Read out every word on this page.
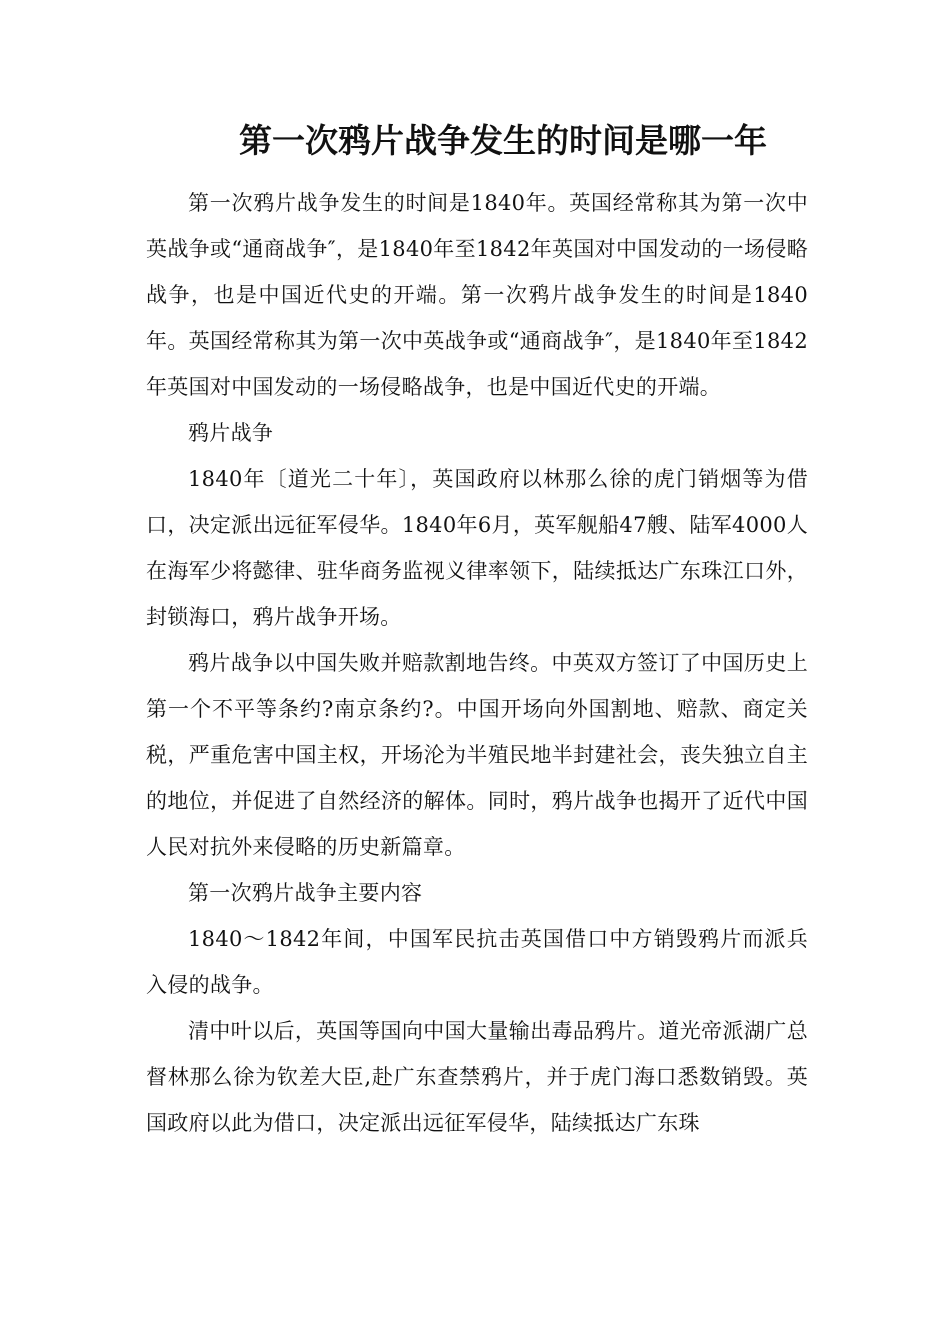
第一次鸦片战争发生的时间是哪一年

第一次鸦片战争发生的时间是1840年。英国经常称其为第一次中英战争或“通商战争″，是1840年至1842年英国对中国发动的一场侵略战争，也是中国近代史的开端。第一次鸦片战争发生的时间是1840年。英国经常称其为第一次中英战争或“通商战争″，是1840年至1842年英国对中国发动的一场侵略战争，也是中国近代史的开端。

鸦片战争

1840年〔道光二十年〕，英国政府以林那么徐的虎门销烟等为借口，决定派出远征军侵华。1840年6月，英军舰船47艘、陆军4000人在海军少将懿律、驻华商务监视义律率领下，陆续抵达广东珠江口外，封锁海口，鸦片战争开场。

鸦片战争以中国失败并赔款割地告终。中英双方签订了中国历史上第一个不平等条约?南京条约?。中国开场向外国割地、赔款、商定关税，严重危害中国主权，开场沦为半殖民地半封建社会，丧失独立自主的地位，并促进了自然经济的解体。同时，鸦片战争也揭开了近代中国人民对抗外来侵略的历史新篇章。

第一次鸦片战争主要内容

1840～1842年间，中国军民抗击英国借口中方销毁鸦片而派兵入侵的战争。

清中叶以后，英国等国向中国大量输出毒品鸦片。道光帝派湖广总督林那么徐为钦差大臣,赴广东查禁鸦片，并于虎门海口悉数销毁。英国政府以此为借口，决定派出远征军侵华，陆续抵达广东珠
